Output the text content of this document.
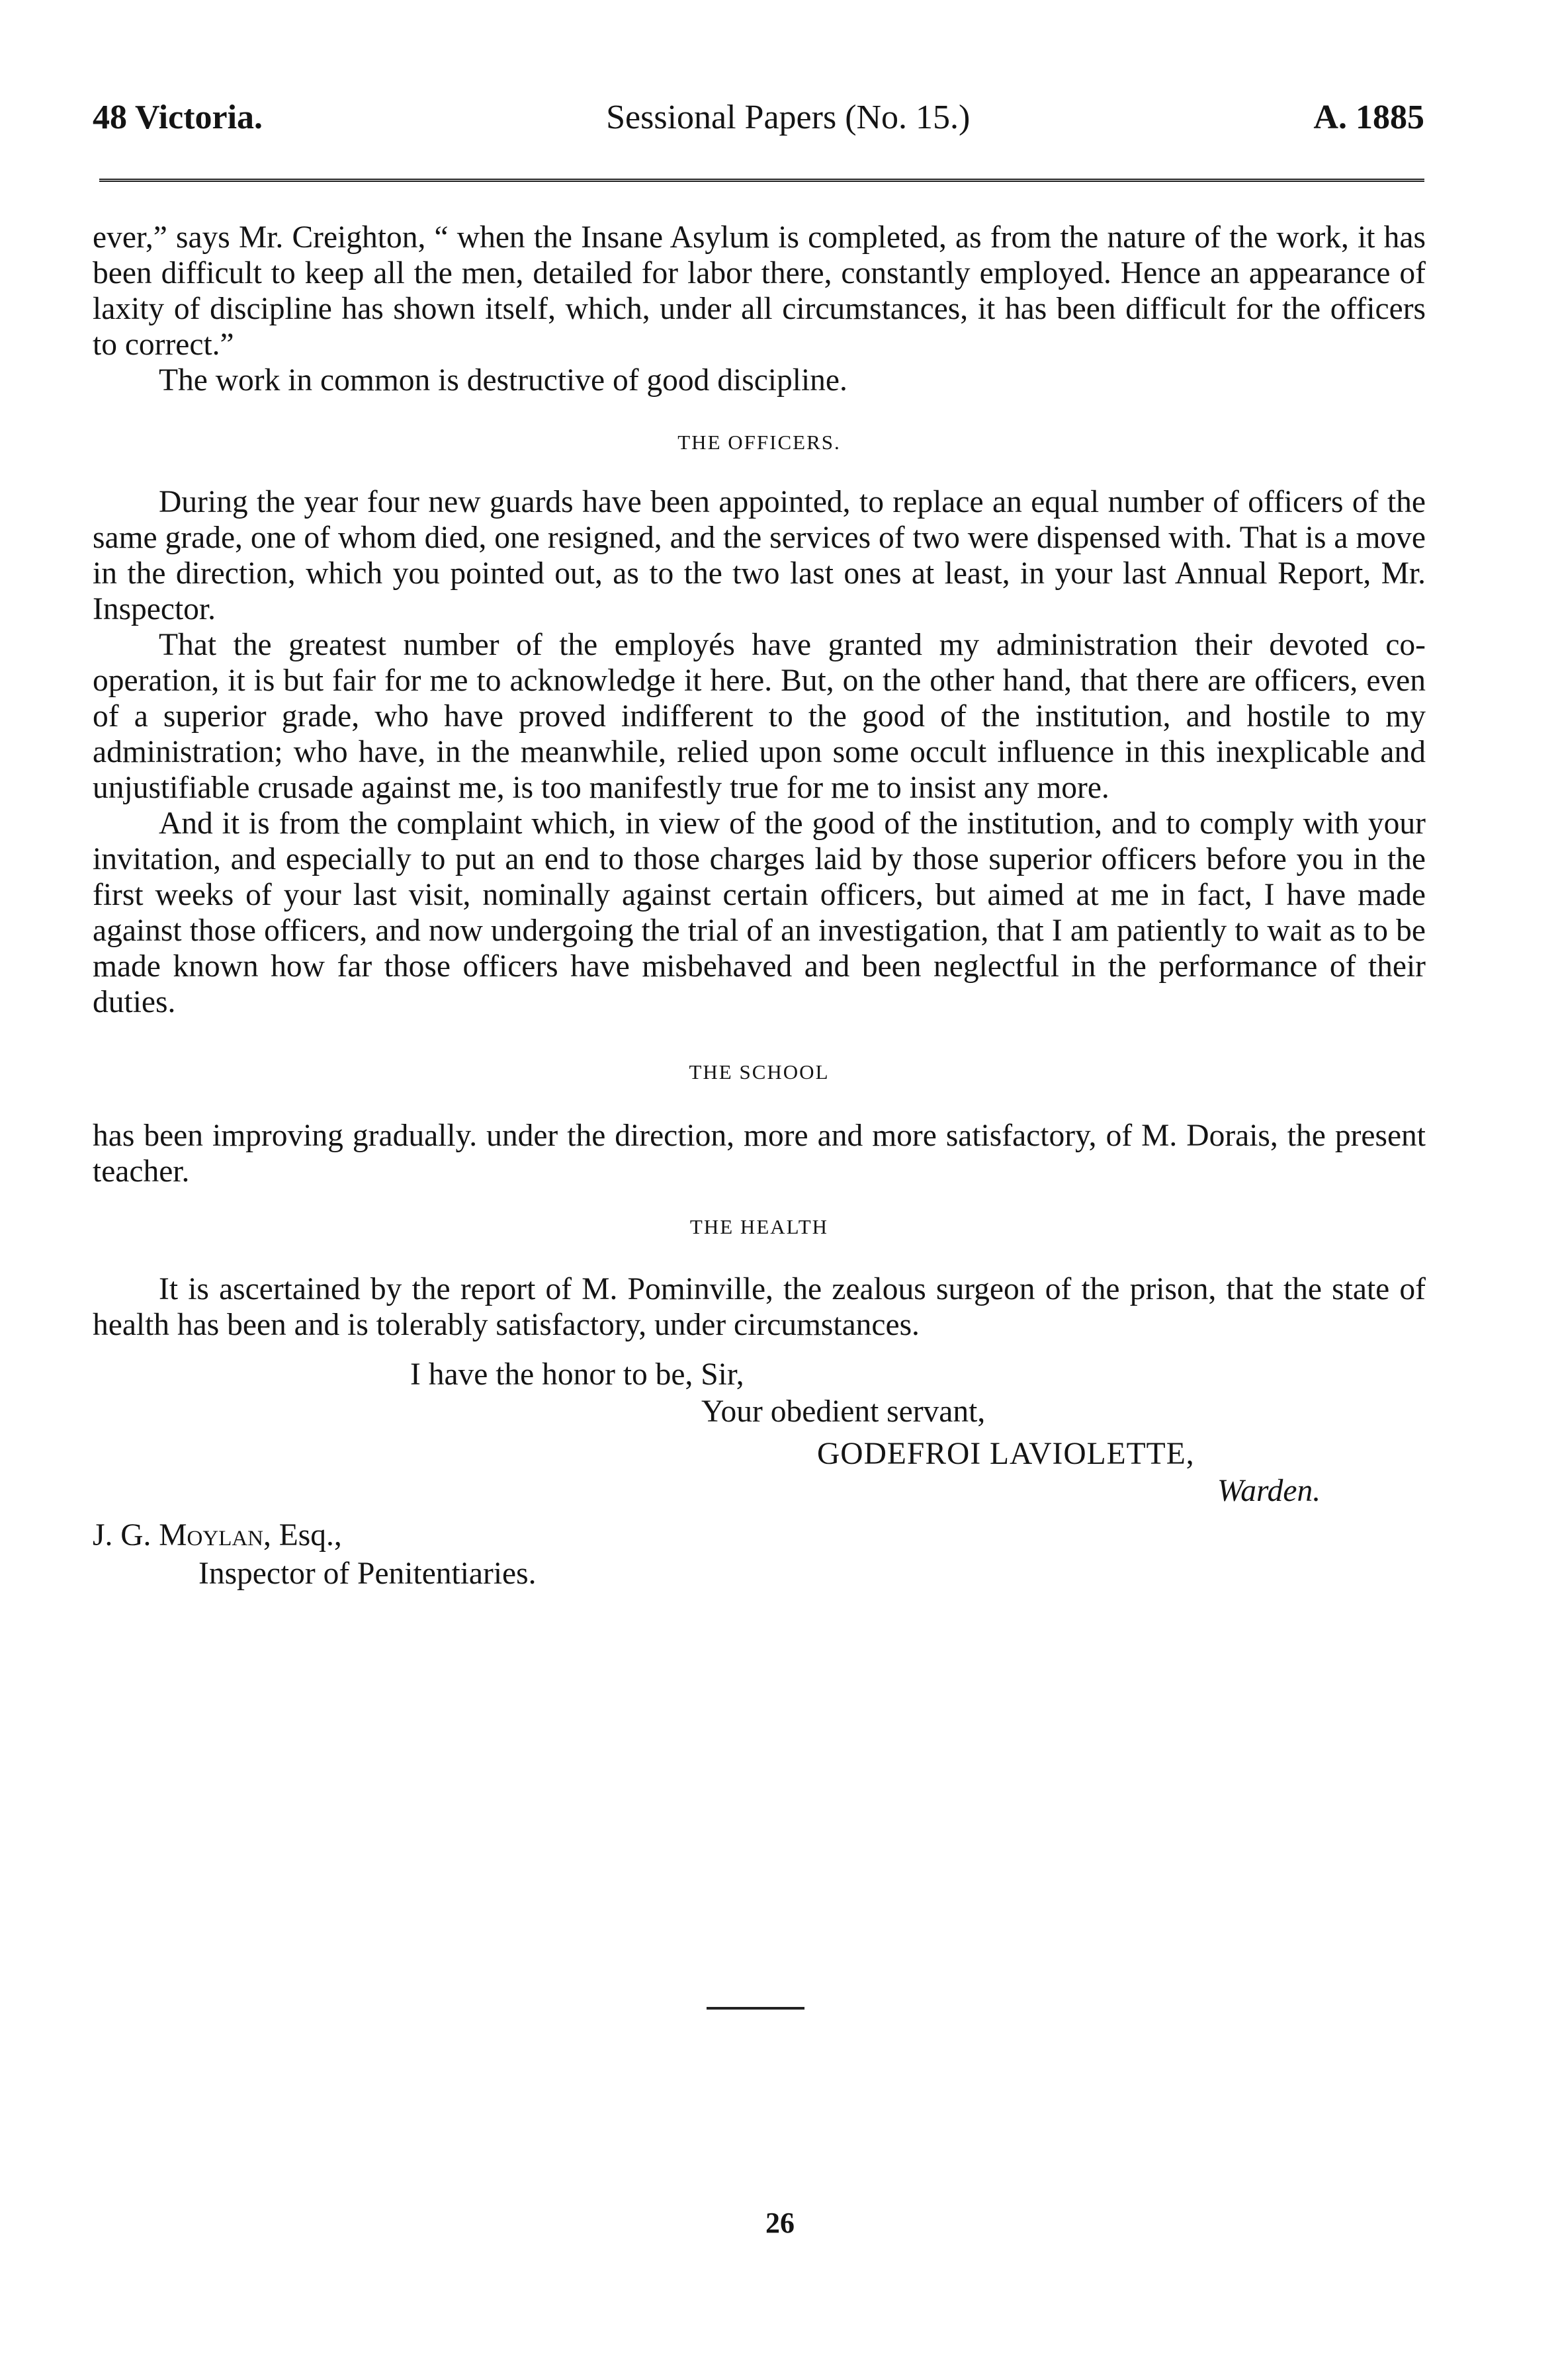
48 Victoria.	Sessional Papers (No. 15.)	A. 1885

ever,” says Mr. Creighton, “ when the Insane Asylum is completed, as from the nature of the work, it has been difficult to keep all the men, detailed for labor there, constantly employed. Hence an appearance of laxity of discipline has shown itself, which, under all circumstances, it has been difficult for the officers to correct.”

The work in common is destructive of good discipline.

THE OFFICERS.

During the year four new guards have been appointed, to replace an equal number of officers of the same grade, one of whom died, one resigned, and the services of two were dispensed with. That is a move in the direction, which you pointed out, as to the two last ones at least, in your last Annual Report, Mr. Inspector.

That the greatest number of the employés have granted my administration their devoted co-operation, it is but fair for me to acknowledge it here. But, on the other hand, that there are officers, even of a superior grade, who have proved indifferent to the good of the institution, and hostile to my administration; who have, in the meanwhile, relied upon some occult influence in this inexplicable and unjustifiable crusade against me, is too manifestly true for me to insist any more.

And it is from the complaint which, in view of the good of the institution, and to comply with your invitation, and especially to put an end to those charges laid by those superior officers before you in the first weeks of your last visit, nominally against certain officers, but aimed at me in fact, I have made against those officers, and now undergoing the trial of an investigation, that I am patiently to wait as to be made known how far those officers have misbehaved and been neglectful in the performance of their duties.

THE SCHOOL

has been improving gradually. under the direction, more and more satisfactory, of M. Dorais, the present teacher.

THE HEALTH

It is ascertained by the report of M. Pominville, the zealous surgeon of the prison, that the state of health has been and is tolerably satisfactory, under circumstances.

I have the honor to be, Sir,
Your obedient servant,
GODEFROI LAVIOLETTE,
Warden.
J. G. Moylan, Esq.,
Inspector of Penitentiaries.
26
